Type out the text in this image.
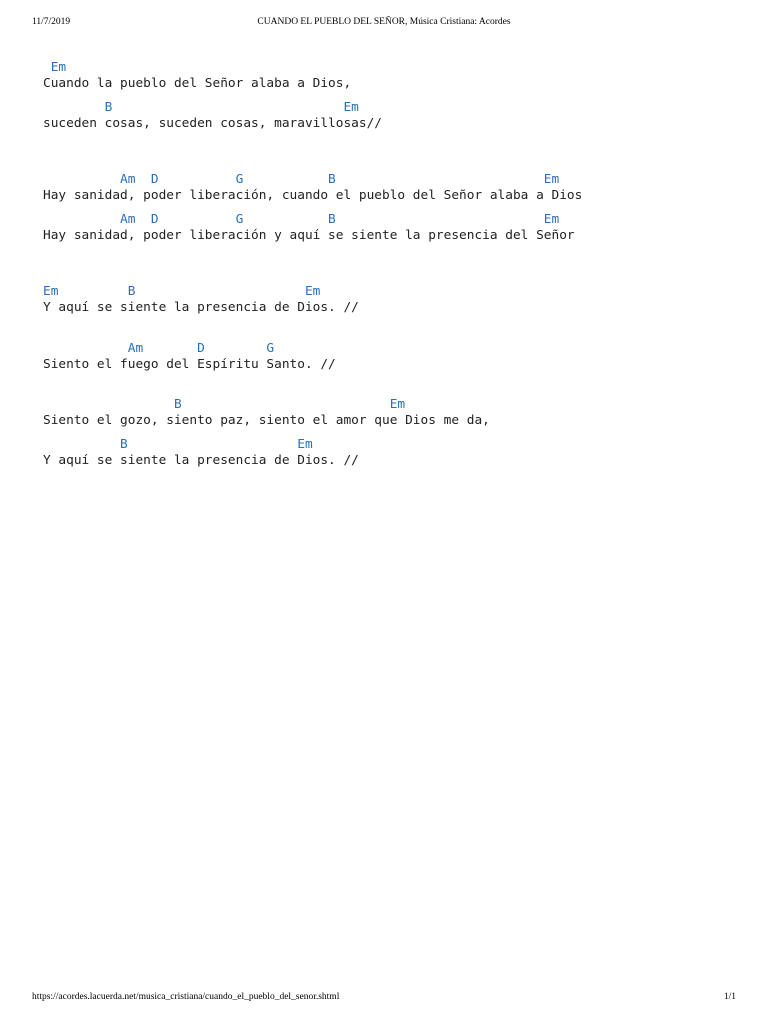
11/7/2019	CUANDO EL PUEBLO DEL SEÑOR, Música Cristiana: Acordes
Em
Cuando la pueblo del Señor alaba a Dios,
B                              Em
suceden cosas, suceden cosas, maravillosas//
Am  D          G           B                           Em
Hay sanidad, poder liberación, cuando el pueblo del Señor alaba a Dios
Am  D          G           B                           Em
Hay sanidad, poder liberación y aquí se siente la presencia del Señor
Em         B                      Em
Y aquí se siente la presencia de Dios. //
Am       D        G
Siento el fuego del Espíritu Santo. //
B                           Em
Siento el gozo, siento paz, siento el amor que Dios me da,
B                      Em
Y aquí se siente la presencia de Dios. //
https://acordes.lacuerda.net/musica_cristiana/cuando_el_pueblo_del_senor.shtml	1/1
